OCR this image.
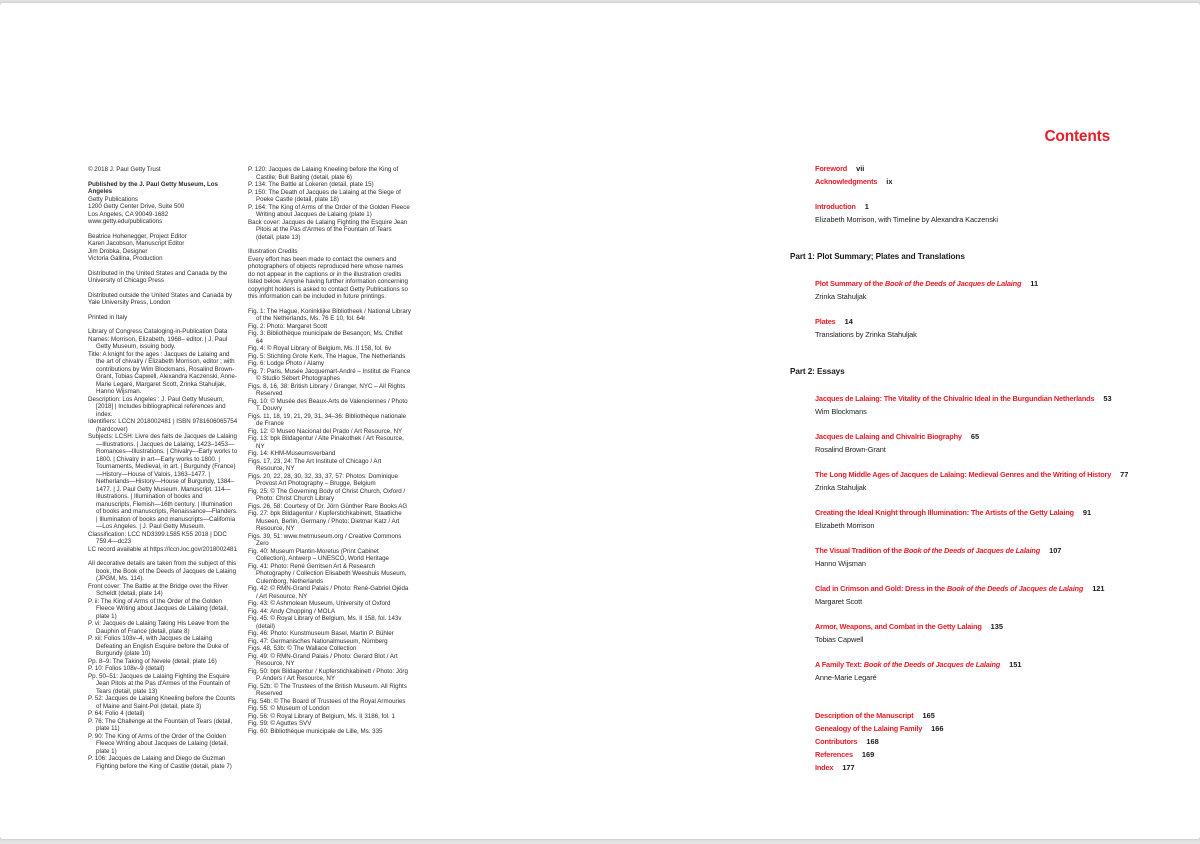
© 2018 J. Paul Getty Trust

Published by the J. Paul Getty Museum, Los Angeles

Getty Publications

1200 Getty Center Drive, Suite 500

Los Angeles, CA 90049-1682

www.getty.edu/publications

Beatrice Hohenegger, Project Editor

Karen Jacobson, Manuscript Editor

Jim Drobka, Designer

Victoria Gallina, Production

Distributed in the United States and Canada by the University of Chicago Press

Distributed outside the United States and Canada by Yale University Press, London

Printed in Italy

Library of Congress Cataloging-in-Publication Data

Names: Morrison, Elizabeth, 1968– editor. | J. Paul Getty Museum, issuing body.

Title: A knight for the ages : Jacques de Lalaing and the art of chivalry / Elizabeth Morrison, editor ; with contributions by Wim Blockmans, Rosalind Brown-Grant, Tobias Capwell, Alexandra Kaczenski, Anne-Marie Legaré, Margaret Scott, Zrinka Stahuljak, Hanno Wijsman.

Description: Los Angeles : J. Paul Getty Museum, [2018] | Includes bibliographical references and index.

Identifiers: LCCN 2018002481 | ISBN 9781606065754 (hardcover)

Subjects: LCSH: Livre des faits de Jacques de Lalaing—Illustrations. | Jacques de Lalaing, 1423–1453—Romances—Illustrations. | Chivalry—Early works to 1800. | Chivalry in art—Early works to 1800. | Tournaments, Medieval, in art. | Burgundy (France)—History—House of Valois, 1363–1477. | Netherlands—History—House of Burgundy, 1384–1477. | J. Paul Getty Museum. Manuscript. 114—Illustrations. | Illumination of books and manuscripts, Flemish—16th century. | Illumination of books and manuscripts, Renaissance—Flanders. | Illumination of books and manuscripts—California—Los Angeles. | J. Paul Getty Museum.

Classification: LCC ND3399.L585 K55 2018 | DDC 759.4—dc23

LC record available at https://lccn.loc.gov/2018002481

All decorative details are taken from the subject of this book, the Book of the Deeds of Jacques de Lalaing (JPGM, Ms. 114).

Front cover: The Battle at the Bridge over the River Scheldt (detail, plate 14)

P. ii: The King of Arms of the Order of the Golden Fleece Writing about Jacques de Lalaing (detail, plate 1)

P. vi: Jacques de Lalaing Taking His Leave from the Dauphin of France (detail, plate 8)

P. xii: Folios 103v–4, with Jacques de Lalaing Defeating an English Esquire before the Duke of Burgundy (plate 10)

Pp. 8–9: The Taking of Nevele (detail, plate 16)

P. 10: Folios 108v–9 (detail)

Pp. 50–51: Jacques de Lalaing Fighting the Esquire Jean Pitois at the Pas d'Armes of the Fountain of Tears (detail, plate 13)

P. 52: Jacques de Lalaing Kneeling before the Counts of Maine and Saint-Pol (detail, plate 3)

P. 64: Folio 4 (detail)

P. 76: The Challenge at the Fountain of Tears (detail, plate 11)

P. 90: The King of Arms of the Order of the Golden Fleece Writing about Jacques de Lalaing (detail, plate 1)

P. 106: Jacques de Lalaing and Diego de Guzman Fighting before the King of Castile (detail, plate 7)

P. 120: Jacques de Lalaing Kneeling before the King of Castile; Bull Baiting (detail, plate 6)

P. 134: The Battle at Lokeren (detail, plate 15)

P. 150: The Death of Jacques de Lalaing at the Siege of Poeke Castle (detail, plate 18)

P. 164: The King of Arms of the Order of the Golden Fleece Writing about Jacques de Lalaing (plate 1)

Back cover: Jacques de Lalaing Fighting the Esquire Jean Pitois at the Pas d'Armes of the Fountain of Tears (detail, plate 13)

Illustration Credits

Every effort has been made to contact the owners and photographers of objects reproduced here whose names do not appear in the captions or in the illustration credits listed below. Anyone having further information concerning copyright holders is asked to contact Getty Publications so this information can be included in future printings.

Fig. 1: The Hague, Koninklijke Bibliotheek / National Library of the Netherlands, Ms. 76 E 10, fol. 64r

Fig. 2: Photo: Margaret Scott

Fig. 3: Bibliothèque municipale de Besançon, Ms. Chiflet 64

Fig. 4: © Royal Library of Belgium, Ms. II 158, fol. 6v

Fig. 5: Stichting Grote Kerk, The Hague, The Netherlands

Fig. 6: Lodge Photo / Alamy

Fig. 7: Paris, Musée Jacquemart-André – Institut de France © Studio Sébert Photographes

Figs. 8, 16, 38: British Library / Granger, NYC – All Rights Reserved

Fig. 10: © Musée des Beaux-Arts de Valenciennes / Photo T. Douvry

Figs. 11, 18, 19, 21, 29, 31, 34–36: Bibliothèque nationale de France

Fig. 12: © Museo Nacional del Prado / Art Resource, NY

Fig. 13: bpk Bildagentur / Alte Pinakothek / Art Resource, NY

Fig. 14: KHM-Museumsverband

Figs. 17, 23, 24: The Art Institute of Chicago / Art Resource, NY

Figs. 20, 22, 28, 30, 32, 33, 37, 57: Photos: Dominique Provost Art Photography – Brugge, Belgium

Fig. 25: © The Governing Body of Christ Church, Oxford / Photo: Christ Church Library

Figs. 26, 58: Courtesy of Dr. Jörn Günther Rare Books AG

Fig. 27: bpk Bildagentur / Kupferstichkabinett, Staatliche Museen, Berlin, Germany / Photo: Dietmar Katz / Art Resource, NY

Figs. 39, 51: www.metmuseum.org / Creative Commons Zero

Fig. 40: Museum Plantin-Moretus (Print Cabinet Collection), Antwerp – UNESCO, World Heritage

Fig. 41: Photo: René Gerritsen Art & Research Photography / Collection Elisabeth Weeshuis Museum, Culemborg, Netherlands

Fig. 42: © RMN-Grand Palais / Photo: René-Gabriel Ojéda / Art Resource, NY

Fig. 43: © Ashmolean Museum, University of Oxford

Fig. 44: Andy Chopping / MOLA

Fig. 45: © Royal Library of Belgium, Ms. II 158, fol. 143v (detail)

Fig. 46: Photo: Kunstmuseum Basel, Martin P. Bühler

Fig. 47: Germanisches Nationalmuseum, Nürnberg

Figs. 48, 53b: © The Wallace Collection

Fig. 49: © RMN-Grand Palais / Photo: Gerard Blot / Art Resource, NY

Fig. 50: bpk Bildagentur / Kupferstichkabinett / Photo: Jörg P. Anders / Art Resource, NY

Fig. 52b: © The Trustees of the British Museum. All Rights Reserved

Fig. 54b: © The Board of Trustees of the Royal Armouries

Fig. 55: © Museum of London

Fig. 56: © Royal Library of Belgium, Ms. II 3186, fol. 1

Fig. 59: © Aguttes SVV

Fig. 60: Bibliothèque municipale de Lille, Ms. 335

Contents
Foreword vii
Acknowledgments ix
Introduction 1
Elizabeth Morrison, with Timeline by Alexandra Kaczenski
Part 1: Plot Summary; Plates and Translations
Plot Summary of the Book of the Deeds of Jacques de Lalaing 11
Zrinka Stahuljak
Plates 14
Translations by Zrinka Stahuljak
Part 2: Essays
Jacques de Lalaing: The Vitality of the Chivalric Ideal in the Burgundian Netherlands 53
Wim Blockmans
Jacques de Lalaing and Chivalric Biography 65
Rosalind Brown-Grant
The Long Middle Ages of Jacques de Lalaing: Medieval Genres and the Writing of History 77
Zrinka Stahuljak
Creating the Ideal Knight through Illumination: The Artists of the Getty Lalaing 91
Elizabeth Morrison
The Visual Tradition of the Book of the Deeds of Jacques de Lalaing 107
Hanno Wijsman
Clad in Crimson and Gold: Dress in the Book of the Deeds of Jacques de Lalaing 121
Margaret Scott
Armor, Weapons, and Combat in the Getty Lalaing 135
Tobias Capwell
A Family Text: Book of the Deeds of Jacques de Lalaing 151
Anne-Marie Legaré
Description of the Manuscript 165
Genealogy of the Lalaing Family 166
Contributors 168
References 169
Index 177
